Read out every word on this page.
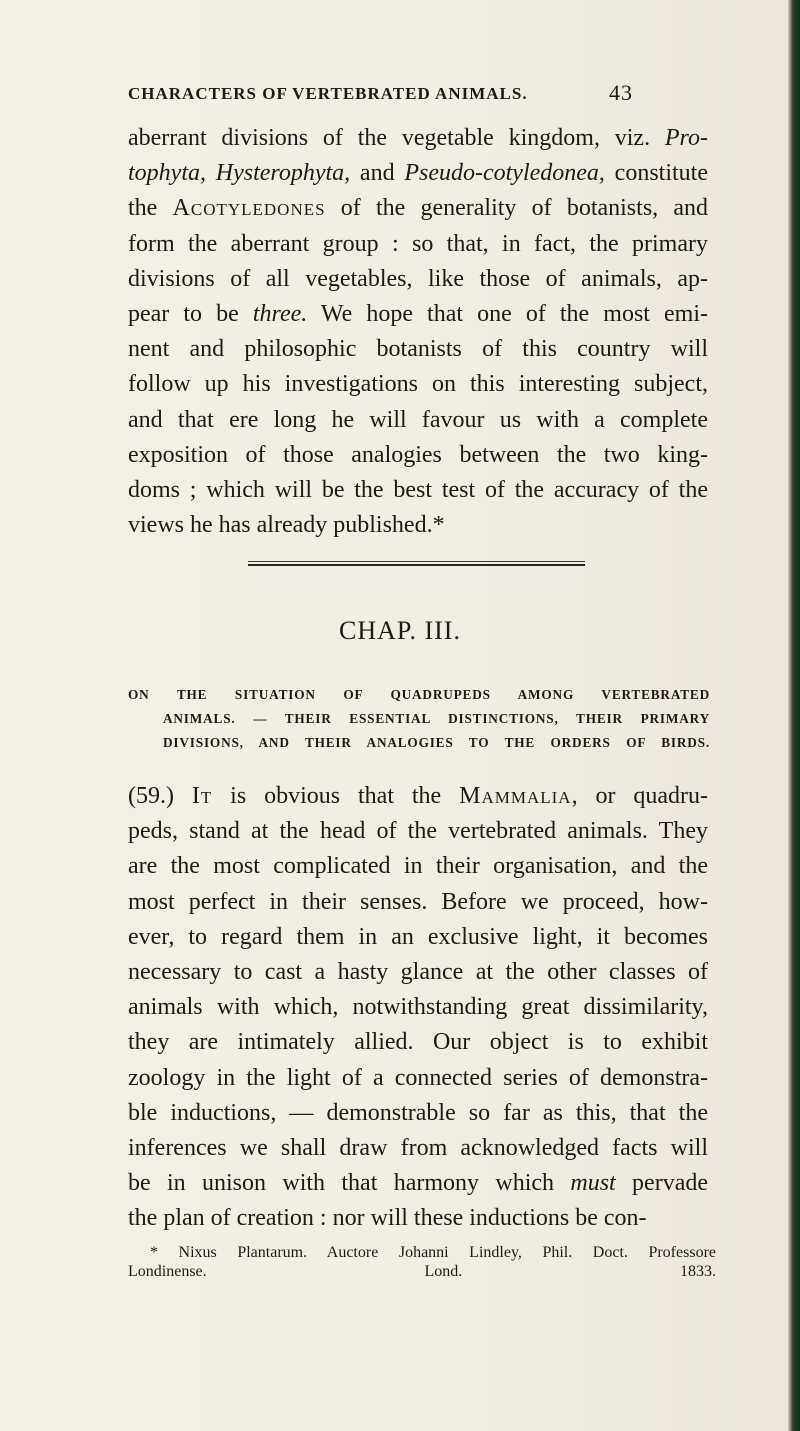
CHARACTERS OF VERTEBRATED ANIMALS.	43
aberrant divisions of the vegetable kingdom, viz. Pro-
tophyta, Hysterophyta, and Pseudo-cotyledonea, constitute
the Acotyledones of the generality of botanists, and
form the aberrant group : so that, in fact, the primary
divisions of all vegetables, like those of animals, ap-
pear to be three. We hope that one of the most emi-
nent and philosophic botanists of this country will
follow up his investigations on this interesting subject,
and that ere long he will favour us with a complete
exposition of those analogies between the two king-
doms ; which will be the best test of the accuracy of the
views he has already published.*
CHAP. III.
ON THE SITUATION OF QUADRUPEDS AMONG VERTEBRATED
ANIMALS. — THEIR ESSENTIAL DISTINCTIONS, THEIR PRIMARY
DIVISIONS, AND THEIR ANALOGIES TO THE ORDERS OF BIRDS.
(59.) It is obvious that the Mammalia, or quadru-
peds, stand at the head of the vertebrated animals. They
are the most complicated in their organisation, and the
most perfect in their senses. Before we proceed, how-
ever, to regard them in an exclusive light, it becomes
necessary to cast a hasty glance at the other classes of
animals with which, notwithstanding great dissimilarity,
they are intimately allied. Our object is to exhibit
zoology in the light of a connected series of demonstra-
ble inductions, — demonstrable so far as this, that the
inferences we shall draw from acknowledged facts will
be in unison with that harmony which must pervade
the plan of creation : nor will these inductions be con-
* Nixus Plantarum. Auctore Johanni Lindley, Phil. Doct. Professore
Londinense. Lond. 1833.
